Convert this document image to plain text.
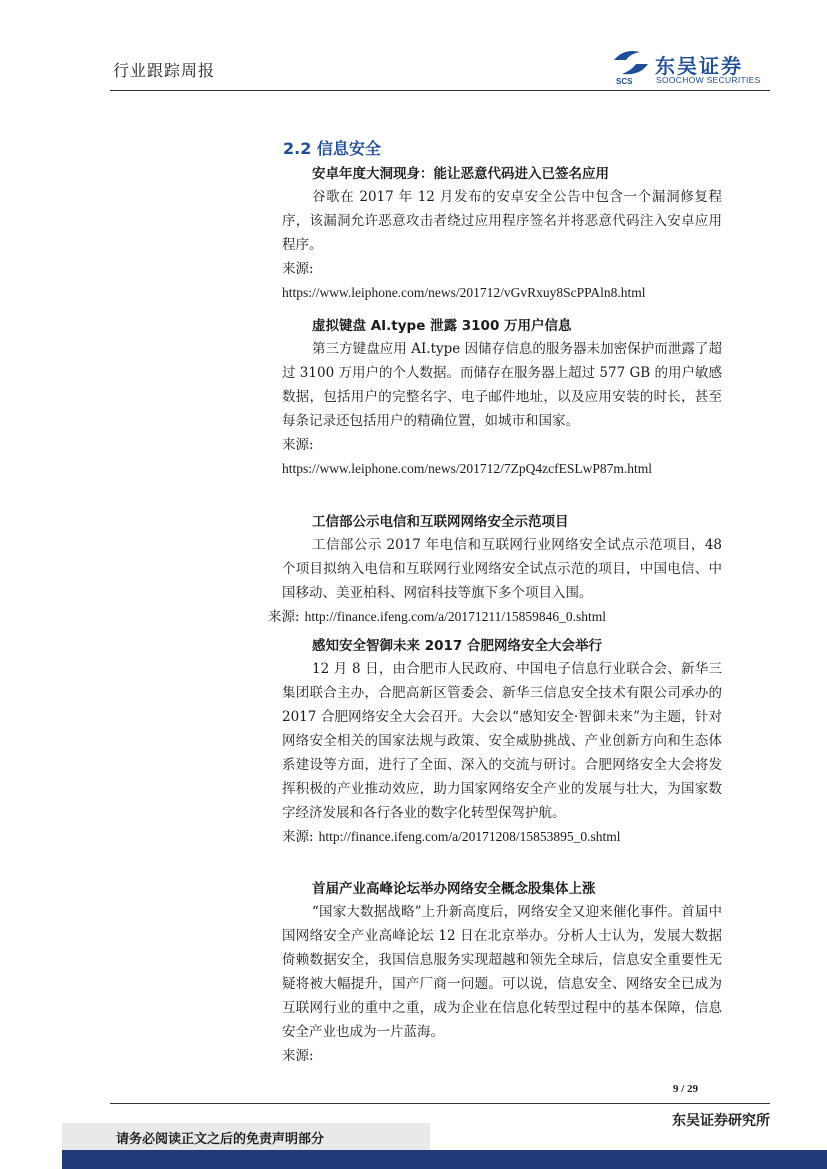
行业跟踪周报
SCS
东吴证券
SOOCHOW SECURITIES
2.2 信息安全
安卓年度大洞现身：能让恶意代码进入已签名应用

谷歌在 2017 年 12 月发布的安卓安全公告中包含一个漏洞修复程序，该漏洞允许恶意攻击者绕过应用程序签名并将恶意代码注入安卓应用程序。

来源:

https://www.leiphone.com/news/201712/vGvRxuy8ScPPAln8.html
虚拟键盘 AI.type 泄露 3100 万用户信息

第三方键盘应用 AI.type 因储存信息的服务器未加密保护而泄露了超过 3100 万用户的个人数据。而储存在服务器上超过 577 GB 的用户敏感数据，包括用户的完整名字、电子邮件地址，以及应用安装的时长，甚至每条记录还包括用户的精确位置，如城市和国家。

来源:

https://www.leiphone.com/news/201712/7ZpQ4zcfESLwP87m.html
工信部公示电信和互联网网络安全示范项目

工信部公示 2017 年电信和互联网行业网络安全试点示范项目，48 个项目拟纳入电信和互联网行业网络安全试点示范的项目，中国电信、中国移动、美亚柏科、网宿科技等旗下多个项目入围。

来源: http://finance.ifeng.com/a/20171211/15859846_0.shtml
感知安全智御未来 2017 合肥网络安全大会举行

12 月 8 日，由合肥市人民政府、中国电子信息行业联合会、新华三集团联合主办，合肥高新区管委会、新华三信息安全技术有限公司承办的 2017 合肥网络安全大会召开。大会以“感知安全·智御未来”为主题，针对网络安全相关的国家法规与政策、安全威胁挑战、产业创新方向和生态体系建设等方面，进行了全面、深入的交流与研讨。合肥网络安全大会将发挥积极的产业推动效应，助力国家网络安全产业的发展与壮大，为国家数字经济发展和各行各业的数字化转型保驾护航。

来源: http://finance.ifeng.com/a/20171208/15853895_0.shtml
首届产业高峰论坛举办网络安全概念股集体上涨

“国家大数据战略”上升新高度后，网络安全又迎来催化事件。首届中国网络安全产业高峰论坛 12 日在北京举办。分析人士认为，发展大数据倚赖数据安全，我国信息服务实现超越和领先全球后，信息安全重要性无疑将被大幅提升，国产厂商一问题。可以说，信息安全、网络安全已成为互联网行业的重中之重，成为企业在信息化转型过程中的基本保障，信息安全产业也成为一片蓝海。

来源:
9 / 29
请务必阅读正文之后的免责声明部分
东吴证券研究所
